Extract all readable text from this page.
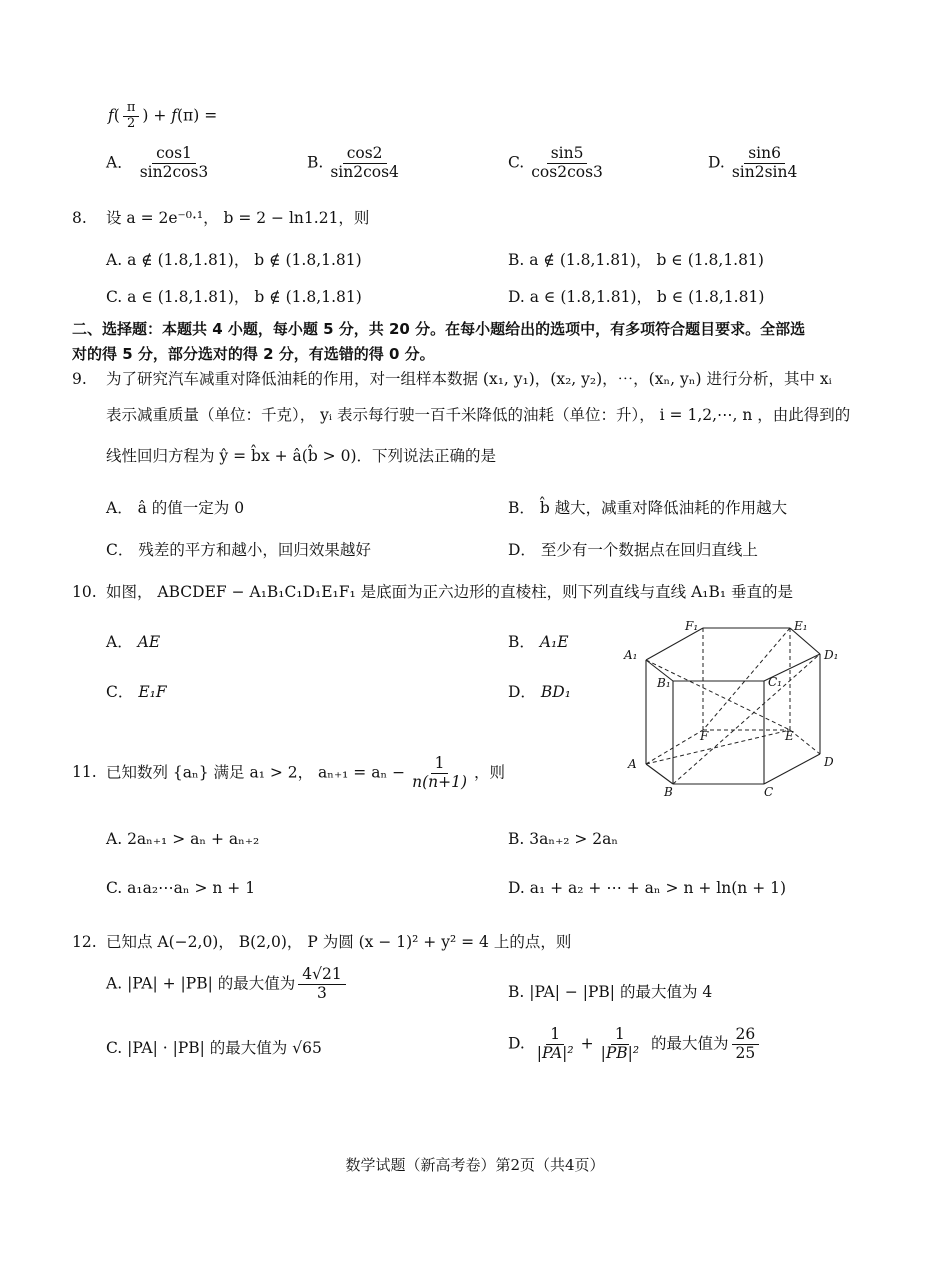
$f( \frac{\pi}{2}$ ) + f(π) =
A． $\frac{\cos 1}{\sin 2\cos 3}$	B. $\frac{\cos 2}{\sin 2\cos 4}$	C. $\frac{\sin 5}{\cos 2\cos 3}$	D. $\frac{\sin 6}{\sin 2\sin 4}$
8. 设 a = 2e⁻⁰·¹， b = 2 − ln1.21，则
A. a ∉ (1.8,1.81)， b ∉ (1.8,1.81)	B. a ∉ (1.8,1.81)， b ∈ (1.8,1.81)
C. a ∈ (1.8,1.81)， b ∉ (1.8,1.81)	D. a ∈ (1.8,1.81)， b ∈ (1.8,1.81)
二、选择题：本题共 4 小题，每小题 5 分，共 20 分。在每小题给出的选项中，有多项符合题目要求。全部选
对的得 5 分，部分选对的得 2 分，有选错的得 0 分。
9. 为了研究汽车减重对降低油耗的作用，对一组样本数据 (x₁, y₁)，(x₂, y₂)，⋯，(xₙ, yₙ) 进行分析，其中 xᵢ
表示减重质量（单位：千克）， yᵢ 表示每行驶一百千米降低的油耗（单位：升）， i = 1,2,⋯, n ，由此得到的
线性回归方程为 ŷ = b̂x + â(b̂ > 0)．下列说法正确的是
A． â 的值一定为 0	B． b̂ 越大，减重对降低油耗的作用越大
C． 残差的平方和越小，回归效果越好	D． 至少有一个数据点在回归直线上
10. 如图， ABCDEF − A₁B₁C₁D₁E₁F₁ 是底面为正六边形的直棱柱，则下列直线与直线 A₁B₁ 垂直的是
A． AE	B． A₁E
C． E₁F	D． BD₁
A₁
B₁	C₁
D₁
E₁
F₁
A
B	C
D
E
F
11. 已知数列 {aₙ} 满足 a₁ > 2， $a_{n+1} = a_n - \frac{1}{n(n+1)}$ ，则
A. 2aₙ₊₁ > aₙ + aₙ₊₂	B. 3aₙ₊₂ > 2aₙ
C. a₁a₂⋯aₙ > n + 1	D. a₁ + a₂ + ⋯ + aₙ > n + ln(n + 1)
12. 已知点 A(−2,0)， B(2,0)， P 为圆 (x − 1)² + y² = 4 上的点，则
A. |PA| + |PB| 的最大值为 $\frac{4√21}{3}$	B. |PA| − |PB| 的最大值为 4
C. |PA| · |PB| 的最大值为 √65	D. $\frac{1}{\text{|PA|²}} + \frac{1}{\text{|PB|²}}$ 的最大值为 $\frac{26}{25}$
数学试题（新高考卷）第2页（共4页）
